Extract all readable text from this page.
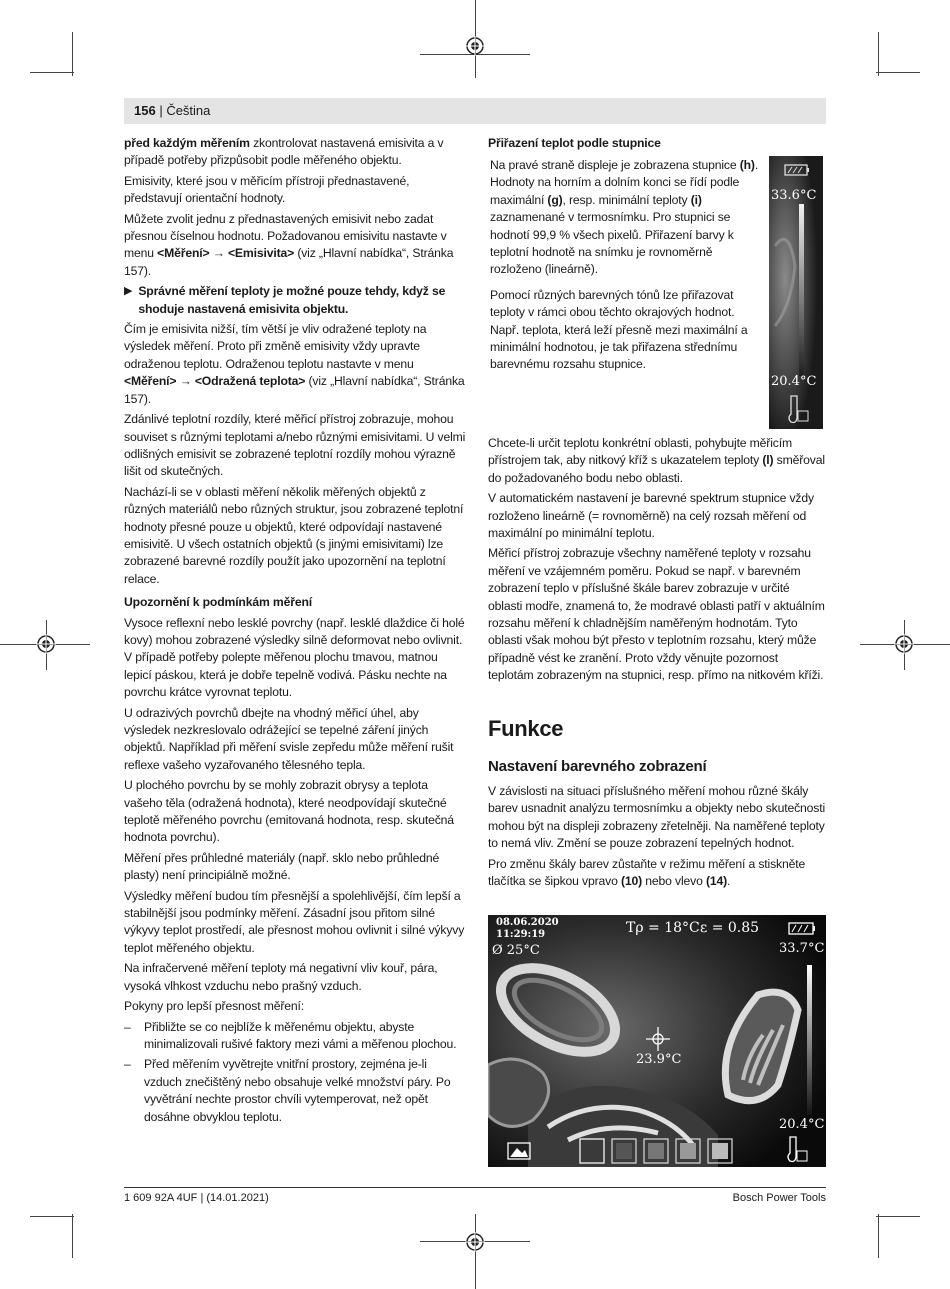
156 | Čeština

před každým měřením zkontrolovat nastavená emisivita a v případě potřeby přizpůsobit podle měřeného objektu.

Emisivity, které jsou v měřicím přístroji přednastavené, představují orientační hodnoty.

Můžete zvolit jednu z přednastavených emisivit nebo zadat přesnou číselnou hodnotu. Požadovanou emisivitu nastavte v menu <Měření> → <Emisivita> (viz „Hlavní nabídka“, Stránka 157).

▶ Správné měření teploty je možné pouze tehdy, když se shoduje nastavená emisivita objektu.

Čím je emisivita nižší, tím větší je vliv odražené teploty na výsledek měření. Proto při změně emisivity vždy upravte odraženou teplotu. Odraženou teplotu nastavte v menu <Měření> → <Odražená teplota> (viz „Hlavní nabídka“, Stránka 157).

Zdánlivé teplotní rozdíly, které měřicí přístroj zobrazuje, mohou souviset s různými teplotami a/nebo různými emisivitami. U velmi odlišných emisivit se zobrazené teplotní rozdíly mohou výrazně lišit od skutečných.

Nachází-li se v oblasti měření několik měřených objektů z různých materiálů nebo různých struktur, jsou zobrazené teplotní hodnoty přesné pouze u objektů, které odpovídají nastavené emisivitě. U všech ostatních objektů (s jinými emisivitami) lze zobrazené barevné rozdíly použít jako upozornění na teplotní relace.

Upozornění k podmínkám měření

Vysoce reflexní nebo lesklé povrchy (např. lesklé dlaždice či holé kovy) mohou zobrazené výsledky silně deformovat nebo ovlivnit. V případě potřeby polepte měřenou plochu tmavou, matnou lepicí páskou, která je dobře tepelně vodivá. Pásku nechte na povrchu krátce vyrovnat teplotu.

U odrazivých povrchů dbejte na vhodný měřicí úhel, aby výsledek nezkreslovalo odrážející se tepelné záření jiných objektů. Například při měření svisle zepředu může měření rušit reflexe vašeho vyzařovaného tělesného tepla.

U plochého povrchu by se mohly zobrazit obrysy a teplota vašeho těla (odražená hodnota), které neodpovídají skutečné teplotě měřeného povrchu (emitovaná hodnota, resp. skutečná hodnota povrchu).

Měření přes průhledné materiály (např. sklo nebo průhledné plasty) není principiálně možné.

Výsledky měření budou tím přesnější a spolehlivější, čím lepší a stabilnější jsou podmínky měření. Zásadní jsou přitom silné výkyvy teplot prostředí, ale přesnost mohou ovlivnit i silné výkyvy teplot měřeného objektu.

Na infračervené měření teploty má negativní vliv kouř, pára, vysoká vlhkost vzduchu nebo prašný vzduch.

Pokyny pro lepší přesnost měření:

– Přibližte se co nejblíže k měřenému objektu, abyste minimalizovali rušivé faktory mezi vámi a měřenou plochou.
– Před měřením vyvětrejte vnitřní prostory, zejména je-li vzduch znečištěný nebo obsahuje velké množství páry. Po vyvětrání nechte prostor chvíli vytemperovat, než opět dosáhne obvyklou teplotu.
Přiřazení teplot podle stupnice

Na pravé straně displeje je zobrazena stupnice (h). Hodnoty na horním a dolním konci se řídí podle maximální (g), resp. minimální teploty (i) zaznamenané v termosnímku. Pro stupnici se hodnotí 99,9 % všech pixelů. Přiřazení barvy k teplotní hodnotě na snímku je rovnoměrně rozloženo (lineárně).

Pomocí různých barevných tónů lze přiřazovat teploty v rámci obou těchto okrajových hodnot. Např. teplota, která leží přesně mezi maximální a minimální hodnotou, je tak přiřazena střednímu barevnému rozsahu stupnice.

33.6°C
20.4°C

Chcete-li určit teplotu konkrétní oblasti, pohybujte měřicím přístrojem tak, aby nitkový kříž s ukazatelem teploty (l) směřoval do požadovaného bodu nebo oblasti.

V automatickém nastavení je barevné spektrum stupnice vždy rozloženo lineárně (= rovnoměrně) na celý rozsah měření od maximální po minimální teplotu.

Měřicí přístroj zobrazuje všechny naměřené teploty v rozsahu měření ve vzájemném poměru. Pokud se např. v barevném zobrazení teplo v příslušné škále barev zobrazuje v určité oblasti modře, znamená to, že modravé oblasti patří v aktuálním rozsahu měření k chladnějším naměřeným hodnotám. Tyto oblasti však mohou být přesto v teplotním rozsahu, který může případně vést ke zranění. Proto vždy věnujte pozornost teplotám zobrazeným na stupnici, resp. přímo na nitkovém kříži.

Funkce
Nastavení barevného zobrazení

V závislosti na situaci příslušného měření mohou různé škály barev usnadnit analýzu termosnímku a objekty nebo skutečnosti mohou být na displeji zobrazeny zřetelněji. Na naměřené teploty to nemá vliv. Změní se pouze zobrazení tepelných hodnot.

Pro změnu škály barev zůstaňte v režimu měření a stiskněte tlačítka se šipkou vpravo (10) nebo vlevo (14).

08.06.2020
11:29:19
Ø 25°C
Tρ = 18°C ε = 0.85
33.7°C
23.9°C
20.4°C
1 609 92A 4UF | (14.01.2021)	Bosch Power Tools
